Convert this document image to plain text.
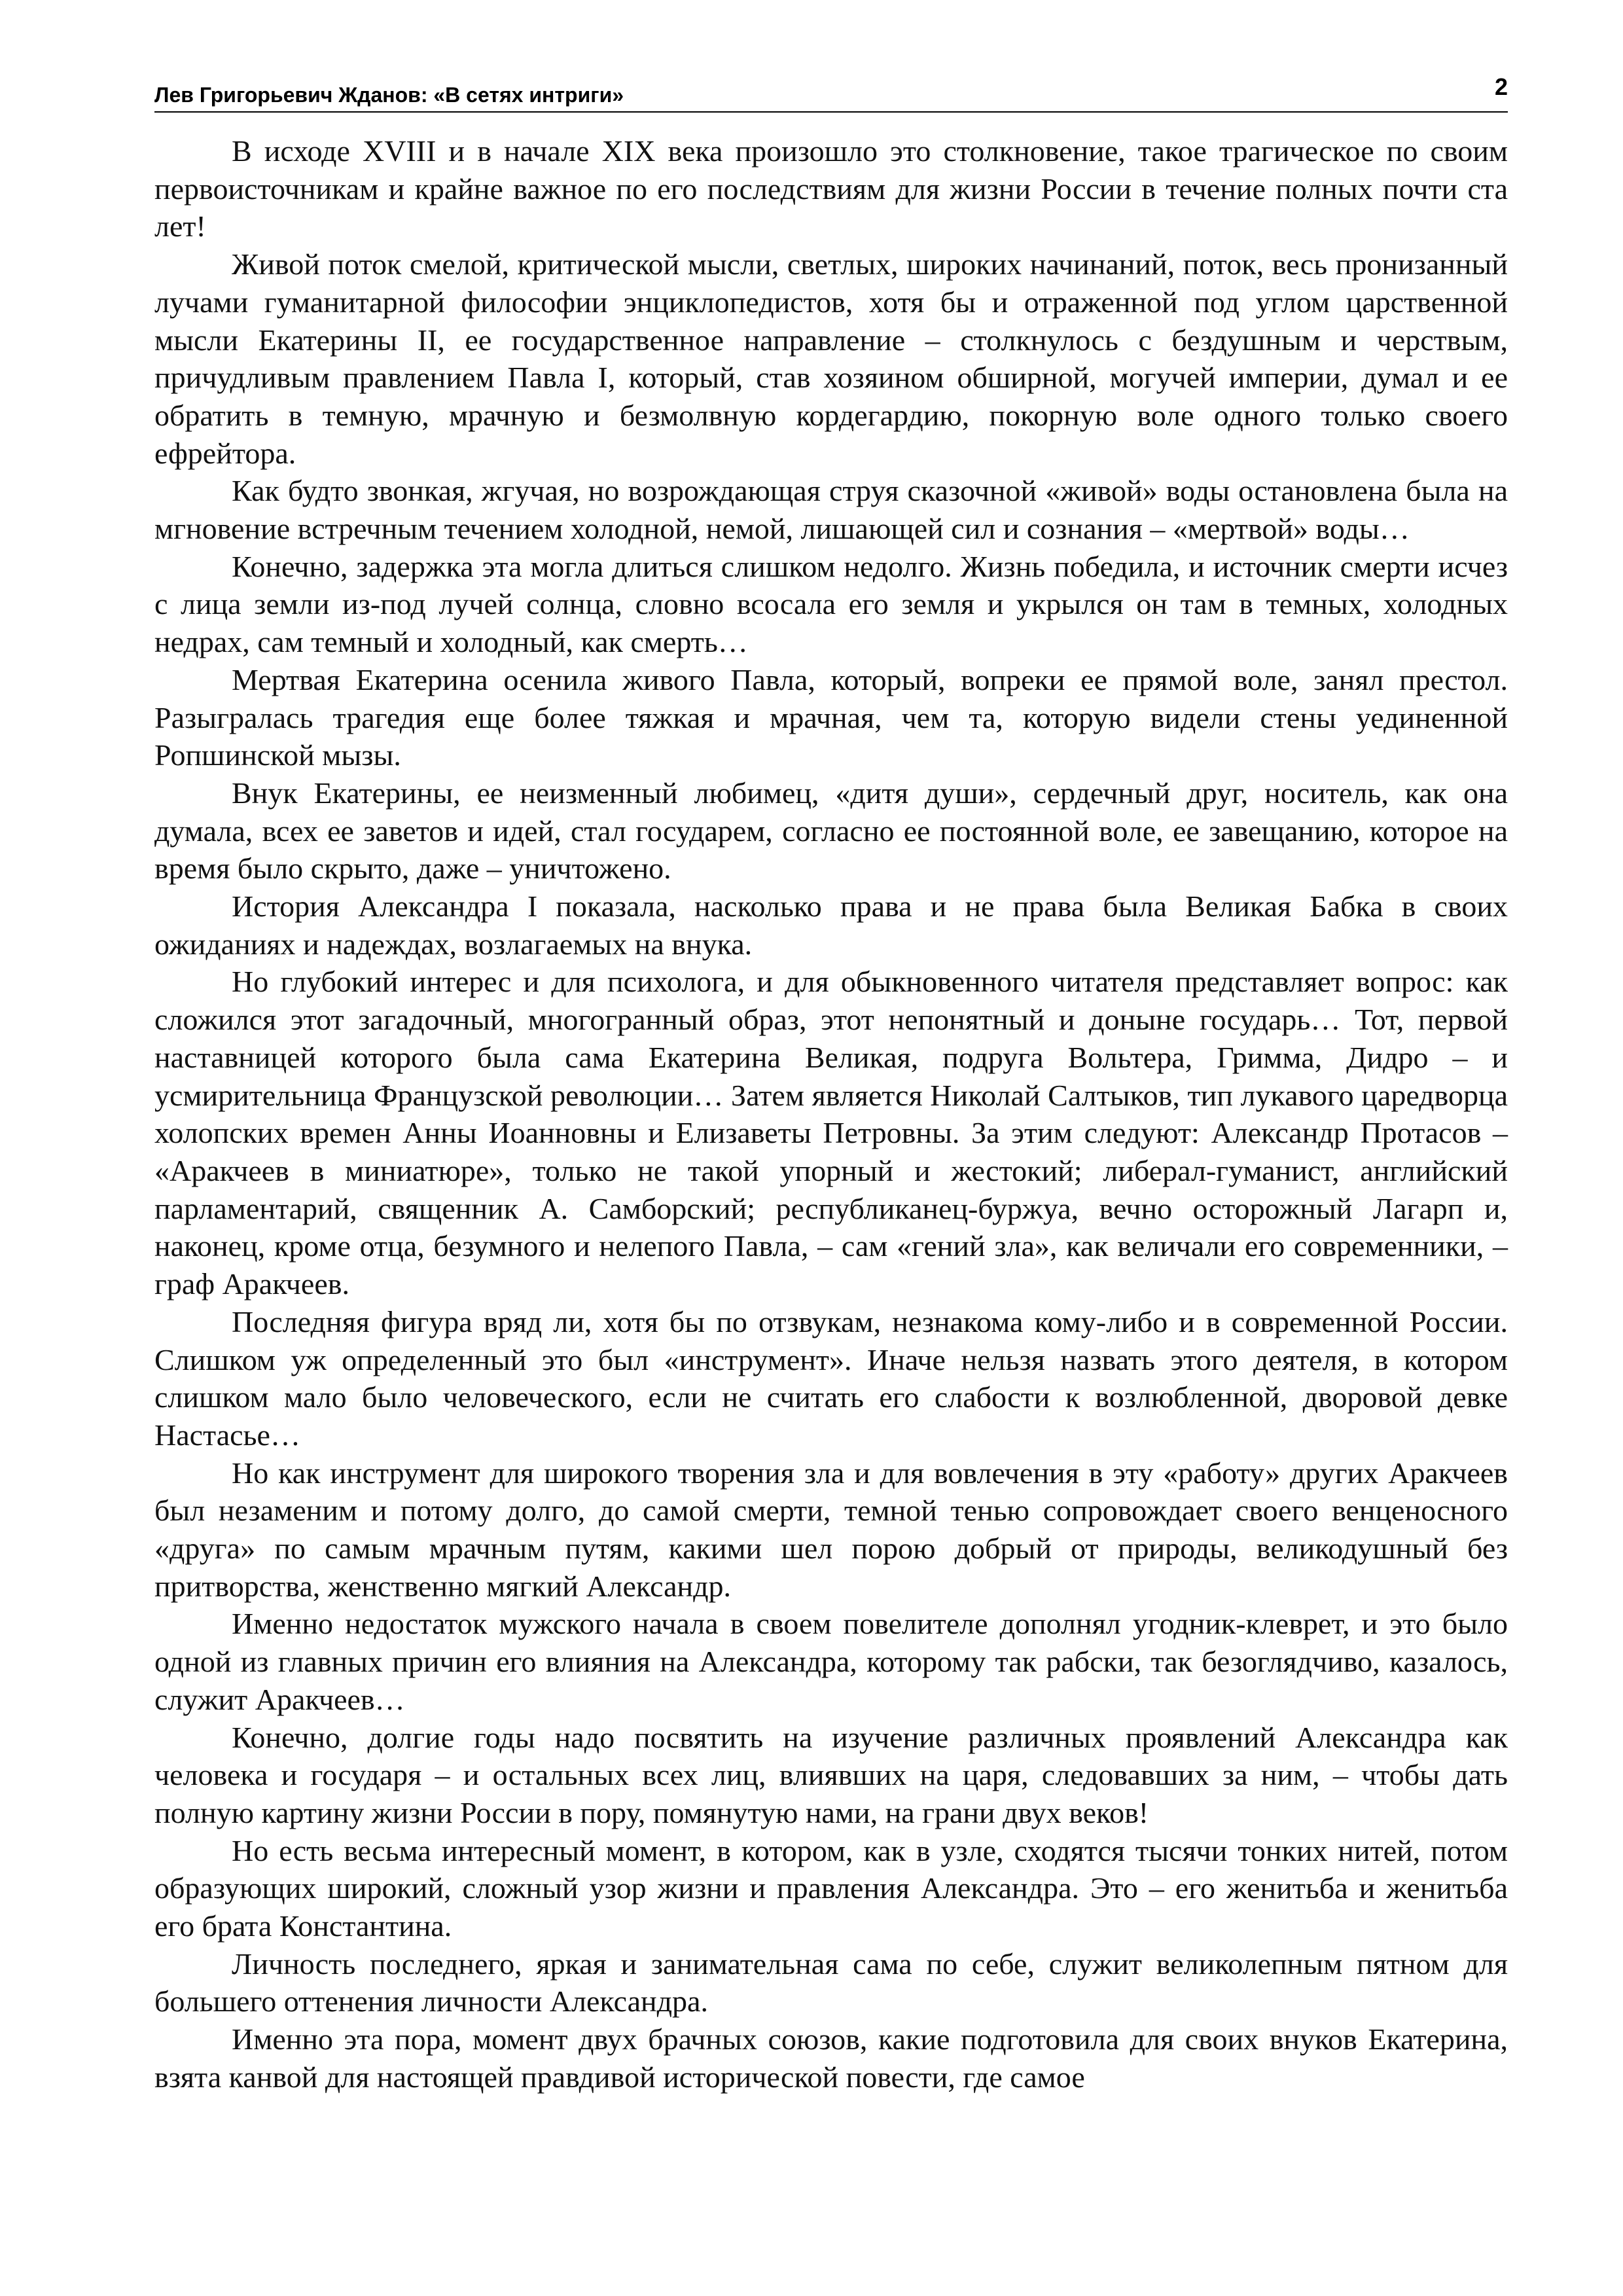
Лев Григорьевич Жданов: «В сетях интриги»	2

В исходе XVIII и в начале XIX века произошло это столкновение, такое трагическое по своим первоисточникам и крайне важное по его последствиям для жизни России в течение полных почти ста лет!

Живой поток смелой, критической мысли, светлых, широких начинаний, поток, весь пронизанный лучами гуманитарной философии энциклопедистов, хотя бы и отраженной под углом царственной мысли Екатерины II, ее государственное направление – столкнулось с бездушным и черствым, причудливым правлением Павла I, который, став хозяином обширной, могучей империи, думал и ее обратить в темную, мрачную и безмолвную кордегардию, покорную воле одного только своего ефрейтора.

Как будто звонкая, жгучая, но возрождающая струя сказочной «живой» воды остановлена была на мгновение встречным течением холодной, немой, лишающей сил и сознания – «мертвой» воды…

Конечно, задержка эта могла длиться слишком недолго. Жизнь победила, и источник смерти исчез с лица земли из-под лучей солнца, словно всосала его земля и укрылся он там в темных, холодных недрах, сам темный и холодный, как смерть…

Мертвая Екатерина осенила живого Павла, который, вопреки ее прямой воле, занял престол. Разыгралась трагедия еще более тяжкая и мрачная, чем та, которую видели стены уединенной Ропшинской мызы.

Внук Екатерины, ее неизменный любимец, «дитя души», сердечный друг, носитель, как она думала, всех ее заветов и идей, стал государем, согласно ее постоянной воле, ее завещанию, которое на время было скрыто, даже – уничтожено.

История Александра I показала, насколько права и не права была Великая Бабка в своих ожиданиях и надеждах, возлагаемых на внука.

Но глубокий интерес и для психолога, и для обыкновенного читателя представляет вопрос: как сложился этот загадочный, многогранный образ, этот непонятный и доныне государь… Тот, первой наставницей которого была сама Екатерина Великая, подруга Вольтера, Гримма, Дидро – и усмирительница Французской революции… Затем является Николай Салтыков, тип лукавого царедворца холопских времен Анны Иоанновны и Елизаветы Петровны. За этим следуют: Александр Протасов – «Аракчеев в миниатюре», только не такой упорный и жестокий; либерал-гуманист, английский парламентарий, священник А. Самборский; республиканец-буржуа, вечно осторожный Лагарп и, наконец, кроме отца, безумного и нелепого Павла, – сам «гений зла», как величали его современники, – граф Аракчеев.

Последняя фигура вряд ли, хотя бы по отзвукам, незнакома кому-либо и в современной России. Слишком уж определенный это был «инструмент». Иначе нельзя назвать этого деятеля, в котором слишком мало было человеческого, если не считать его слабости к возлюбленной, дворовой девке Настасье…

Но как инструмент для широкого творения зла и для вовлечения в эту «работу» других Аракчеев был незаменим и потому долго, до самой смерти, темной тенью сопровождает своего венценосного «друга» по самым мрачным путям, какими шел порою добрый от природы, великодушный без притворства, женственно мягкий Александр.

Именно недостаток мужского начала в своем повелителе дополнял угодник-клеврет, и это было одной из главных причин его влияния на Александра, которому так рабски, так безоглядчиво, казалось, служит Аракчеев…

Конечно, долгие годы надо посвятить на изучение различных проявлений Александра как человека и государя – и остальных всех лиц, влиявших на царя, следовавших за ним, – чтобы дать полную картину жизни России в пору, помянутую нами, на грани двух веков!

Но есть весьма интересный момент, в котором, как в узле, сходятся тысячи тонких нитей, потом образующих широкий, сложный узор жизни и правления Александра. Это – его женитьба и женитьба его брата Константина.

Личность последнего, яркая и занимательная сама по себе, служит великолепным пятном для большего оттенения личности Александра.

Именно эта пора, момент двух брачных союзов, какие подготовила для своих внуков Екатерина, взята канвой для настоящей правдивой исторической повести, где самое
